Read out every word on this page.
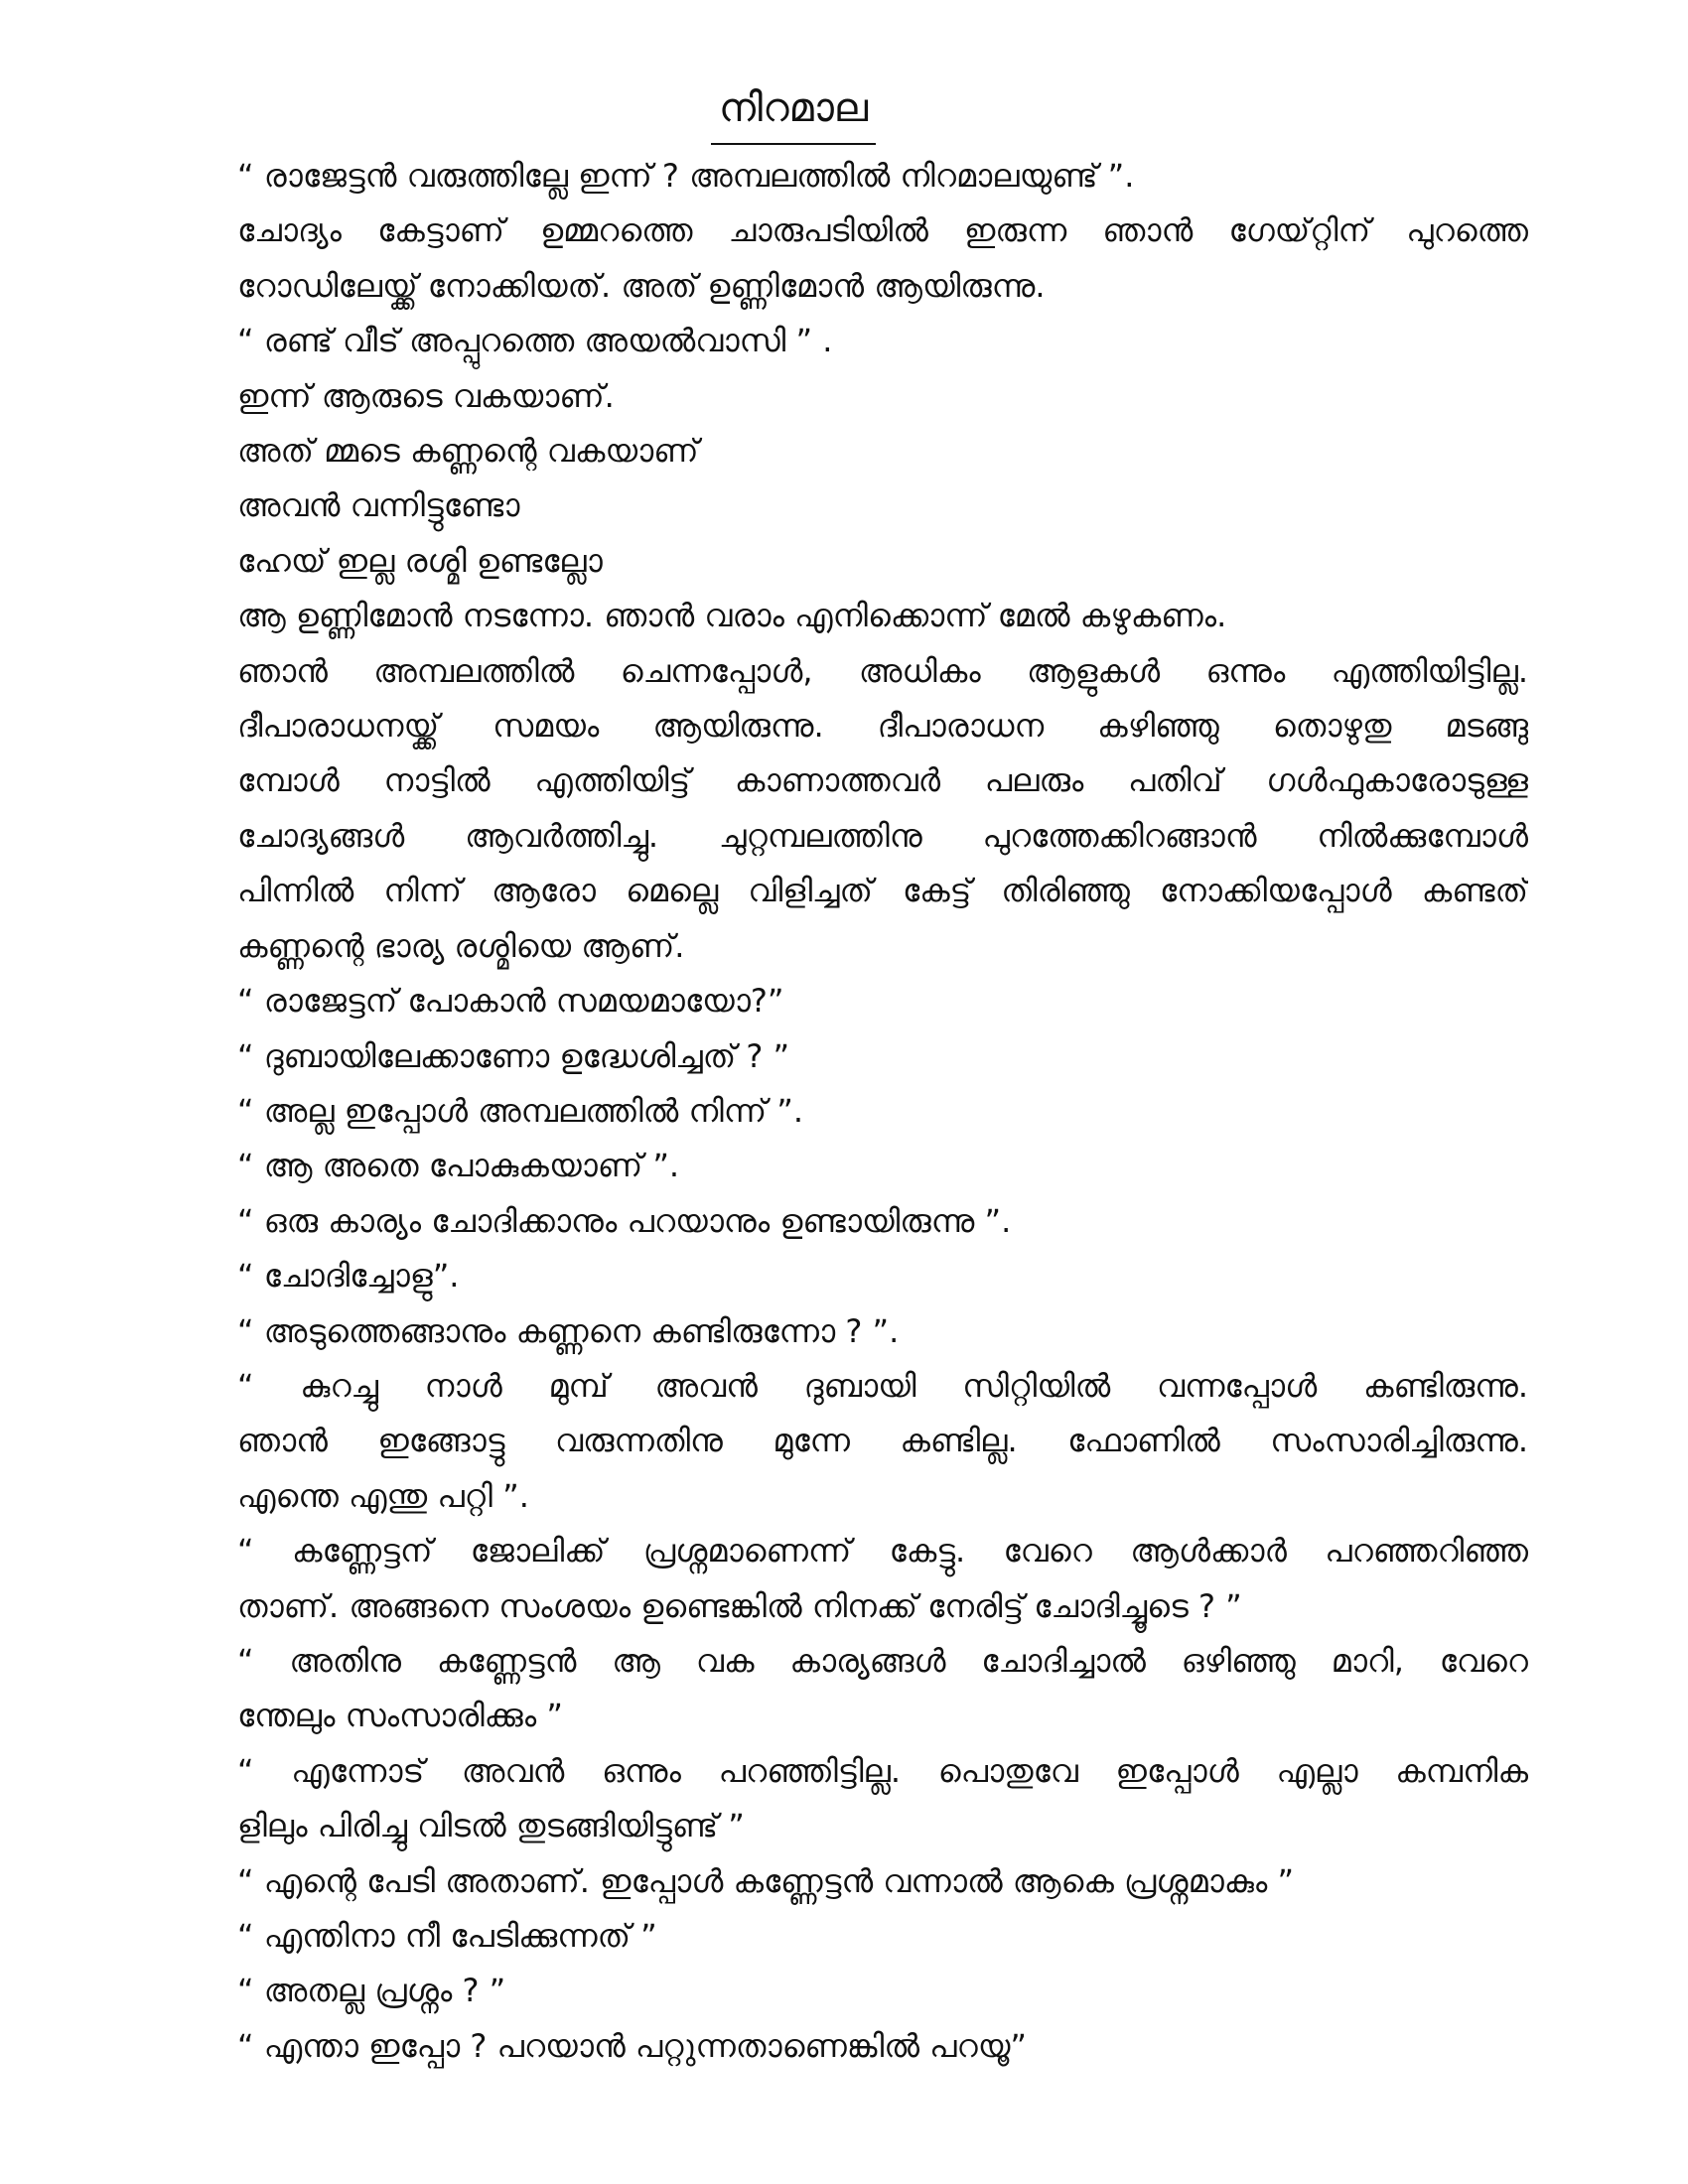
നിറമാല
“ രാജേട്ടൻ വരുത്തില്ലേ ഇന്ന് ? അമ്പലത്തിൽ നിറമാലയുണ്ട് ”.
ചോദ്യം കേട്ടാണ് ഉമ്മറത്തെ ചാരുപടിയിൽ ഇരുന്ന ഞാൻ ഗേയ്റ്റിന് പുറത്തെ
റോഡിലേയ്ക്ക് നോക്കിയത്. അത് ഉണ്ണിമോൻ ആയിരുന്നു.
“ രണ്ട് വീട് അപ്പുറത്തെ അയൽവാസി ” .
ഇന്ന് ആരുടെ വകയാണ്.
അത് മ്മടെ കണ്ണന്റെ വകയാണ്
അവൻ വന്നിട്ടുണ്ടോ
ഹേയ് ഇല്ല രശ്മി ഉണ്ടല്ലോ
ആ ഉണ്ണിമോൻ നടന്നോ. ഞാൻ വരാം എനിക്കൊന്ന് മേൽ കഴുകണം.
ഞാൻ അമ്പലത്തിൽ ചെന്നപ്പോൾ, അധികം ആളുകൾ ഒന്നും എത്തിയിട്ടില്ല.
ദീപാരാധനയ്ക്ക് സമയം ആയിരുന്നു. ദീപാരാധന കഴിഞ്ഞു തൊഴുതു മടങ്ങു
മ്പോൾ നാട്ടിൽ എത്തിയിട്ട് കാണാത്തവർ പലരും പതിവ് ഗൾഫുകാരോടുള്ള
ചോദ്യങ്ങൾ ആവർത്തിച്ചു. ചുറ്റമ്പലത്തിനു പുറത്തേക്കിറങ്ങാൻ നിൽക്കുമ്പോൾ
പിന്നിൽ നിന്ന് ആരോ മെല്ലെ വിളിച്ചത് കേട്ട് തിരിഞ്ഞു നോക്കിയപ്പോൾ കണ്ടത്
കണ്ണന്റെ ഭാര്യ രശ്മിയെ ആണ്.
“ രാജേട്ടന് പോകാൻ സമയമായോ?”
“ ദുബായിലേക്കാണോ ഉദ്ധേശിച്ചത് ? ”
“ അല്ല ഇപ്പോൾ അമ്പലത്തിൽ നിന്ന് ”.
“ ആ അതെ പോകുകയാണ് ”.
“ ഒരു കാര്യം ചോദിക്കാനും പറയാനും ഉണ്ടായിരുന്നു ”.
“ ചോദിച്ചോളു”.
“ അടുത്തെങ്ങാനും കണ്ണനെ കണ്ടിരുന്നോ ? ”.
“ കുറച്ചു നാൾ മുമ്പ് അവൻ ദുബായി സിറ്റിയിൽ വന്നപ്പോൾ കണ്ടിരുന്നു.
ഞാൻ ഇങ്ങോട്ടു വരുന്നതിനു മുന്നേ കണ്ടില്ല. ഫോണിൽ സംസാരിച്ചിരുന്നു.
എന്തെ എന്തു പറ്റി ”.
“ കണ്ണേട്ടന് ജോലിക്ക് പ്രശ്നമാണെന്ന് കേട്ടു. വേറെ ആൾക്കാർ പറഞ്ഞറിഞ്ഞ
താണ്. അങ്ങനെ സംശയം ഉണ്ടെങ്കിൽ നിനക്ക് നേരിട്ട് ചോദിച്ചൂടെ ? ”
“ അതിനു കണ്ണേട്ടൻ ആ വക കാര്യങ്ങൾ ചോദിച്ചാൽ ഒഴിഞ്ഞു മാറി, വേറെ
ന്തേലും സംസാരിക്കും ”
“ എന്നോട് അവൻ ഒന്നും പറഞ്ഞിട്ടില്ല. പൊതുവേ ഇപ്പോൾ എല്ലാ കമ്പനിക
ളിലും പിരിച്ചു വിടൽ തുടങ്ങിയിട്ടുണ്ട് ”
“ എന്റെ പേടി അതാണ്. ഇപ്പോൾ കണ്ണേട്ടൻ വന്നാൽ ആകെ പ്രശ്നമാകും ”
“ എന്തിനാ നീ പേടിക്കുന്നത് ”
“ അതല്ല പ്രശ്നം ? ”
“ എന്താ ഇപ്പോ ? പറയാൻ പറ്റുന്നതാണെങ്കിൽ പറയൂ”
